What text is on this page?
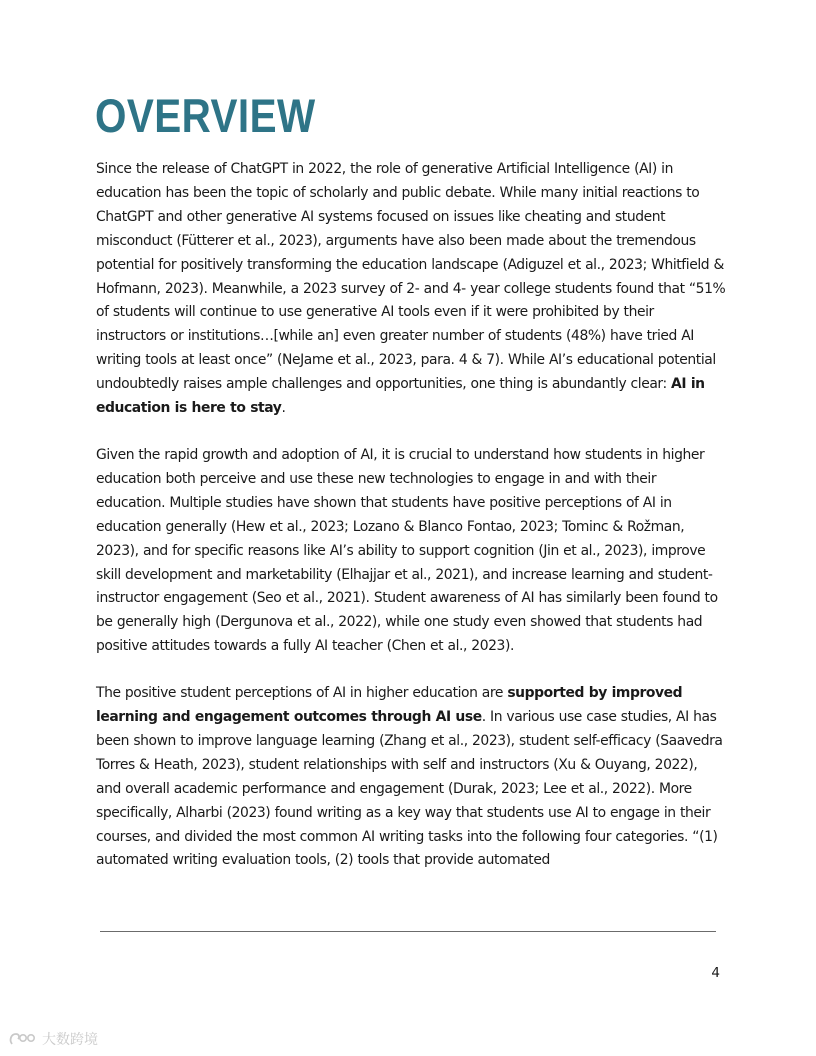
OVERVIEW

Since the release of ChatGPT in 2022, the role of generative Artificial Intelligence (AI) in education has been the topic of scholarly and public debate. While many initial reactions to ChatGPT and other generative AI systems focused on issues like cheating and student misconduct (Fütterer et al., 2023), arguments have also been made about the tremendous potential for positively transforming the education landscape (Adiguzel et al., 2023; Whitfield & Hofmann, 2023). Meanwhile, a 2023 survey of 2- and 4- year college students found that “51% of students will continue to use generative AI tools even if it were prohibited by their instructors or institutions…[while an] even greater number of students (48%) have tried AI writing tools at least once” (NeJame et al., 2023, para. 4 & 7). While AI’s educational potential undoubtedly raises ample challenges and opportunities, one thing is abundantly clear: AI in education is here to stay.

Given the rapid growth and adoption of AI, it is crucial to understand how students in higher education both perceive and use these new technologies to engage in and with their education. Multiple studies have shown that students have positive perceptions of AI in education generally (Hew et al., 2023; Lozano & Blanco Fontao, 2023; Tominc & Rožman, 2023), and for specific reasons like AI’s ability to support cognition (Jin et al., 2023), improve skill development and marketability (Elhajjar et al., 2021), and increase learning and student-instructor engagement (Seo et al., 2021). Student awareness of AI has similarly been found to be generally high (Dergunova et al., 2022), while one study even showed that students had positive attitudes towards a fully AI teacher (Chen et al., 2023).

The positive student perceptions of AI in higher education are supported by improved learning and engagement outcomes through AI use. In various use case studies, AI has been shown to improve language learning (Zhang et al., 2023), student self-efficacy (Saavedra Torres & Heath, 2023), student relationships with self and instructors (Xu & Ouyang, 2022), and overall academic performance and engagement (Durak, 2023; Lee et al., 2022). More specifically, Alharbi (2023) found writing as a key way that students use AI to engage in their courses, and divided the most common AI writing tasks into the following four categories. “(1) automated writing evaluation tools, (2) tools that provide automated

4
大数跨境
